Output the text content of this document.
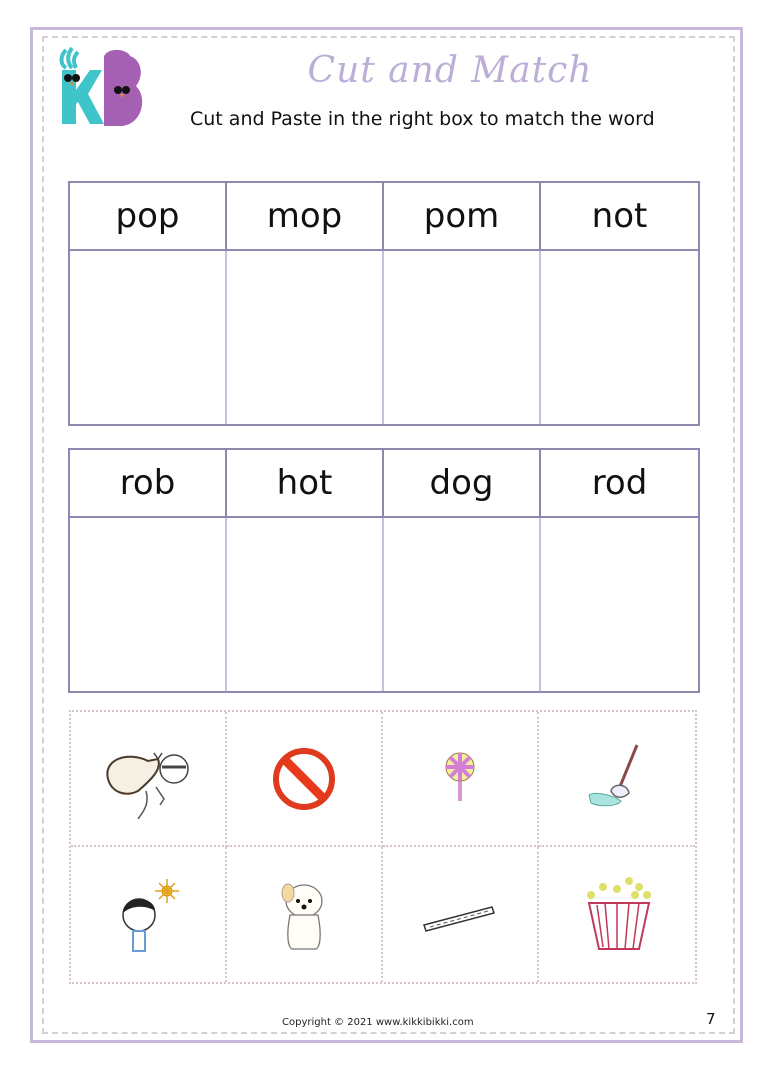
Cut and Match
Cut and Paste in the right box to match the word
pop	mop	pom	not
rob	hot	dog	rod
Copyright © 2021 www.kikkibikki.com	7
